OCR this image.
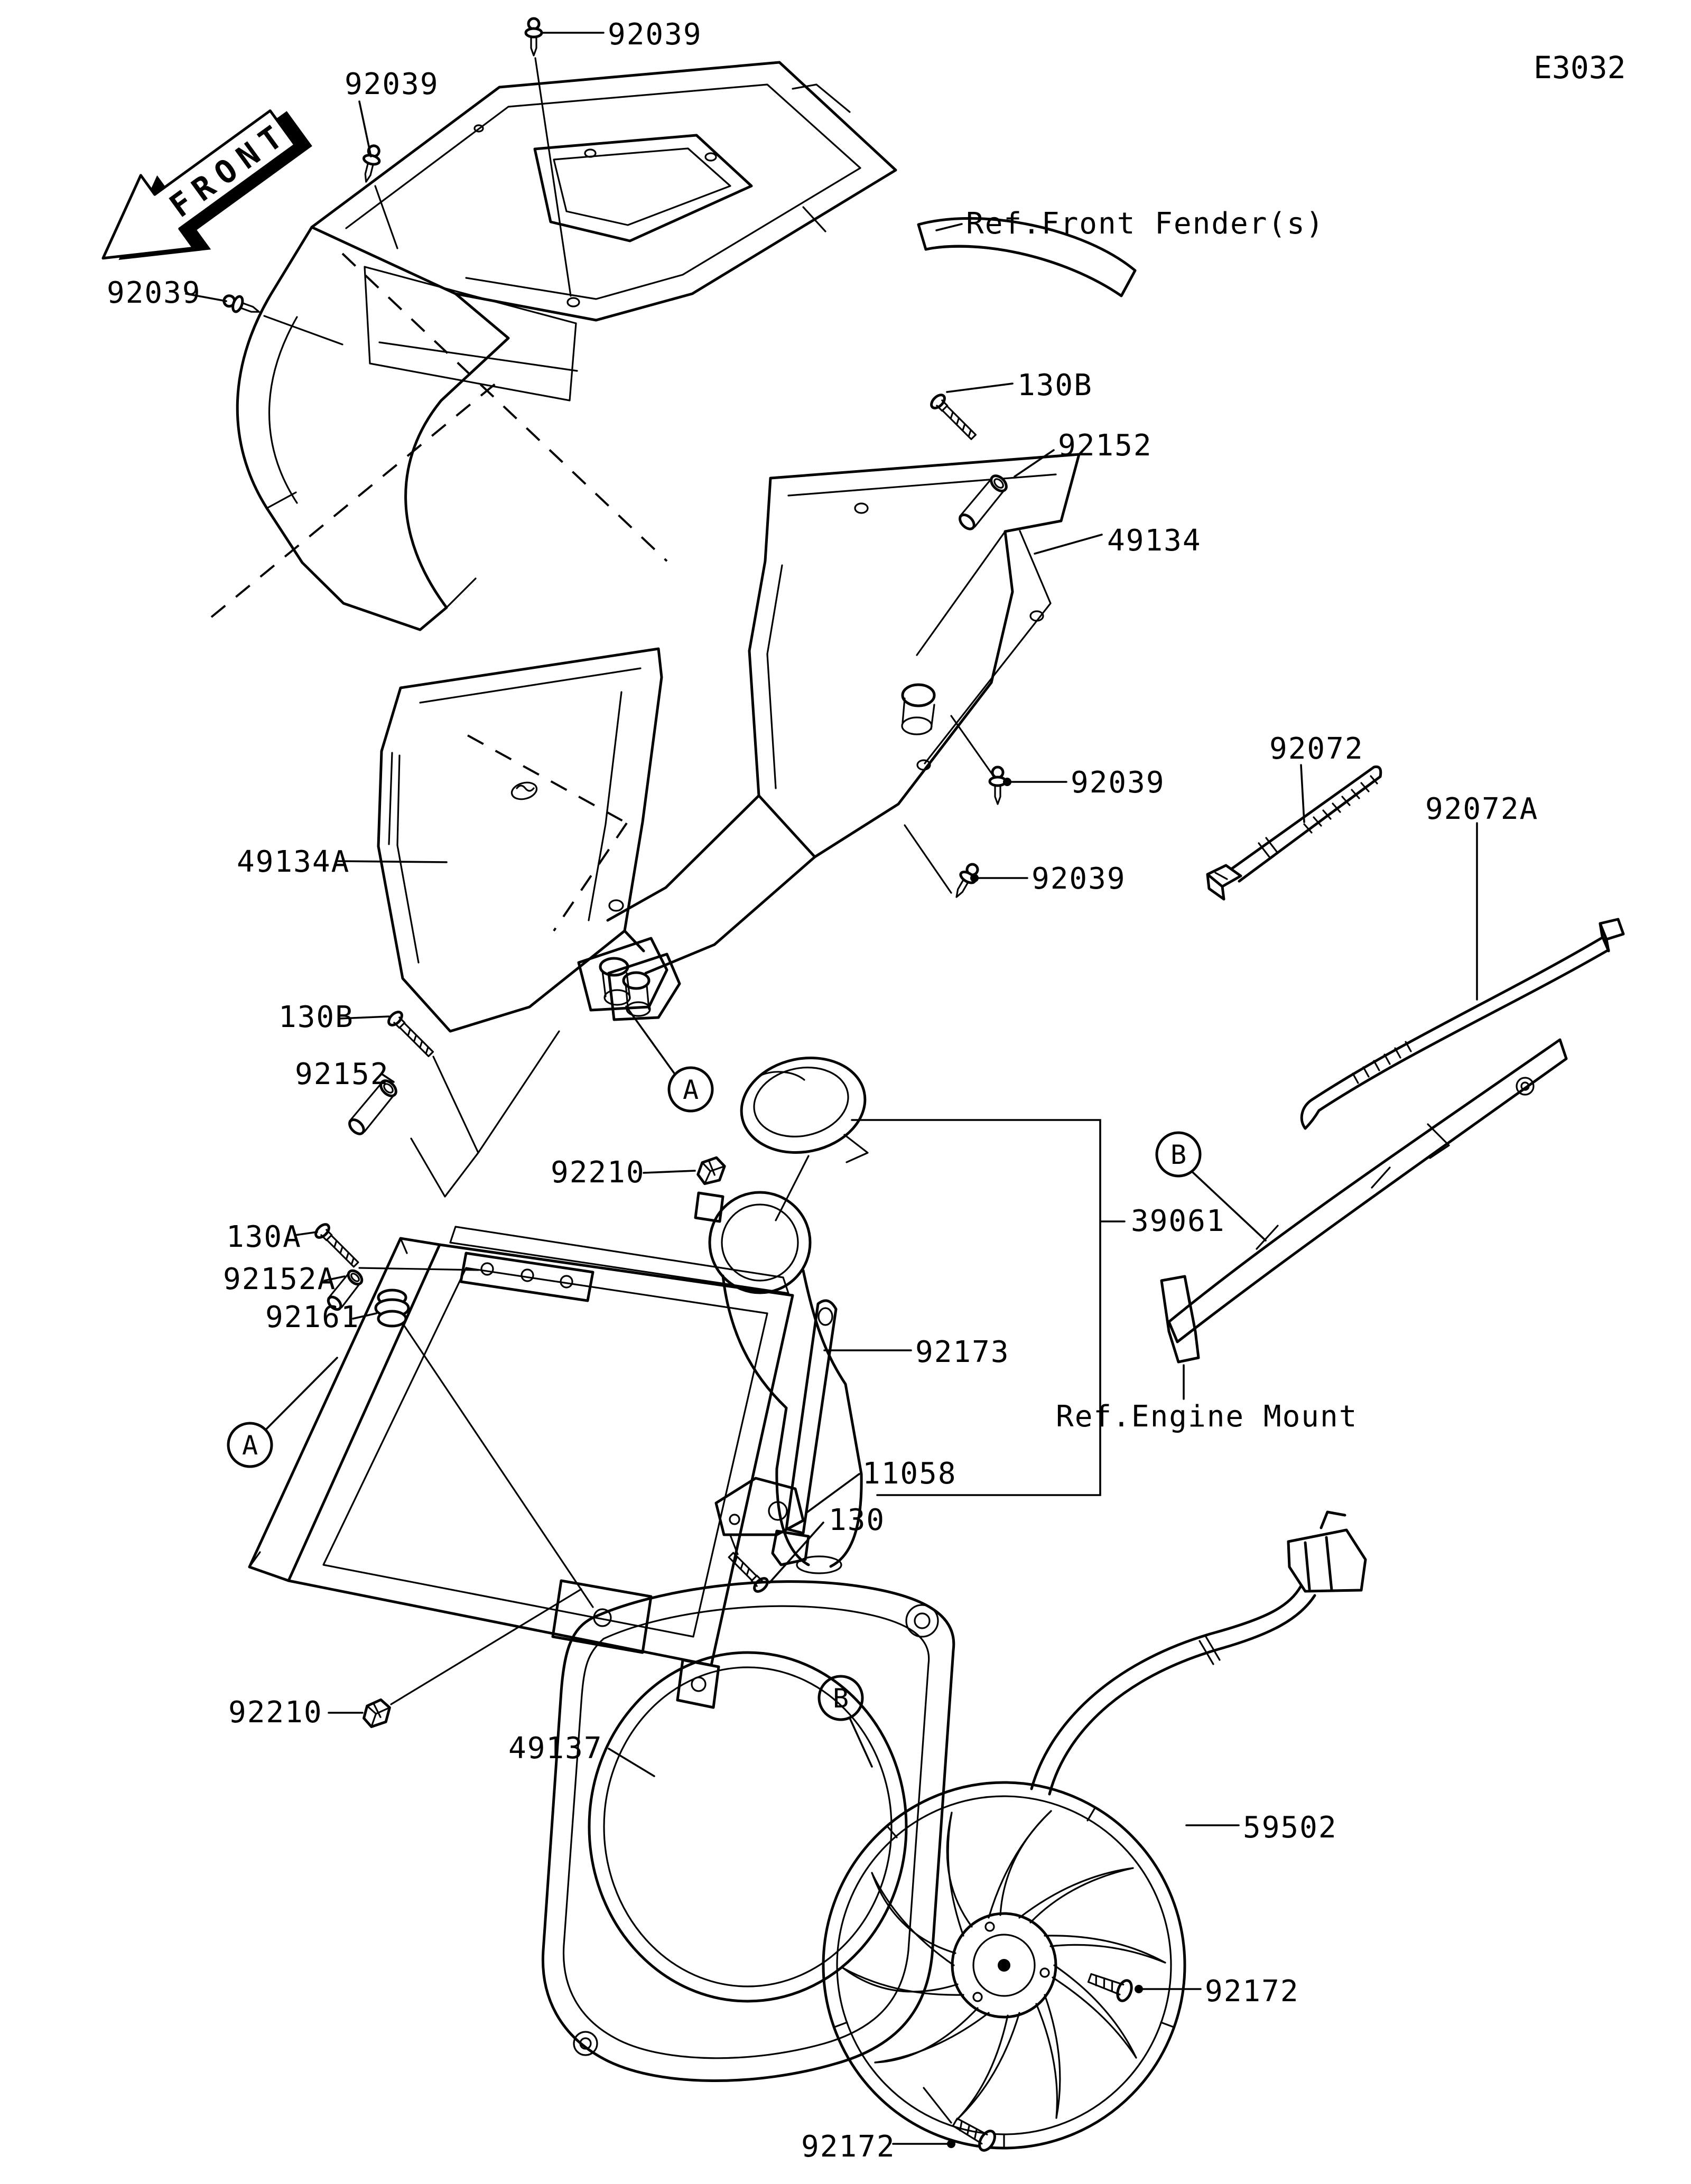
E3032
FRONT	Ref.Front Fender(s)
49134
49134A
92039
92039
92039
92039
92039
130B
92152
92072
92072A
130B
92152	A
130A
92152A
92161
92210
39061
92173
11058
130
B
Ref.Engine Mount
A
92210
49137
B
59502
92172
92172
